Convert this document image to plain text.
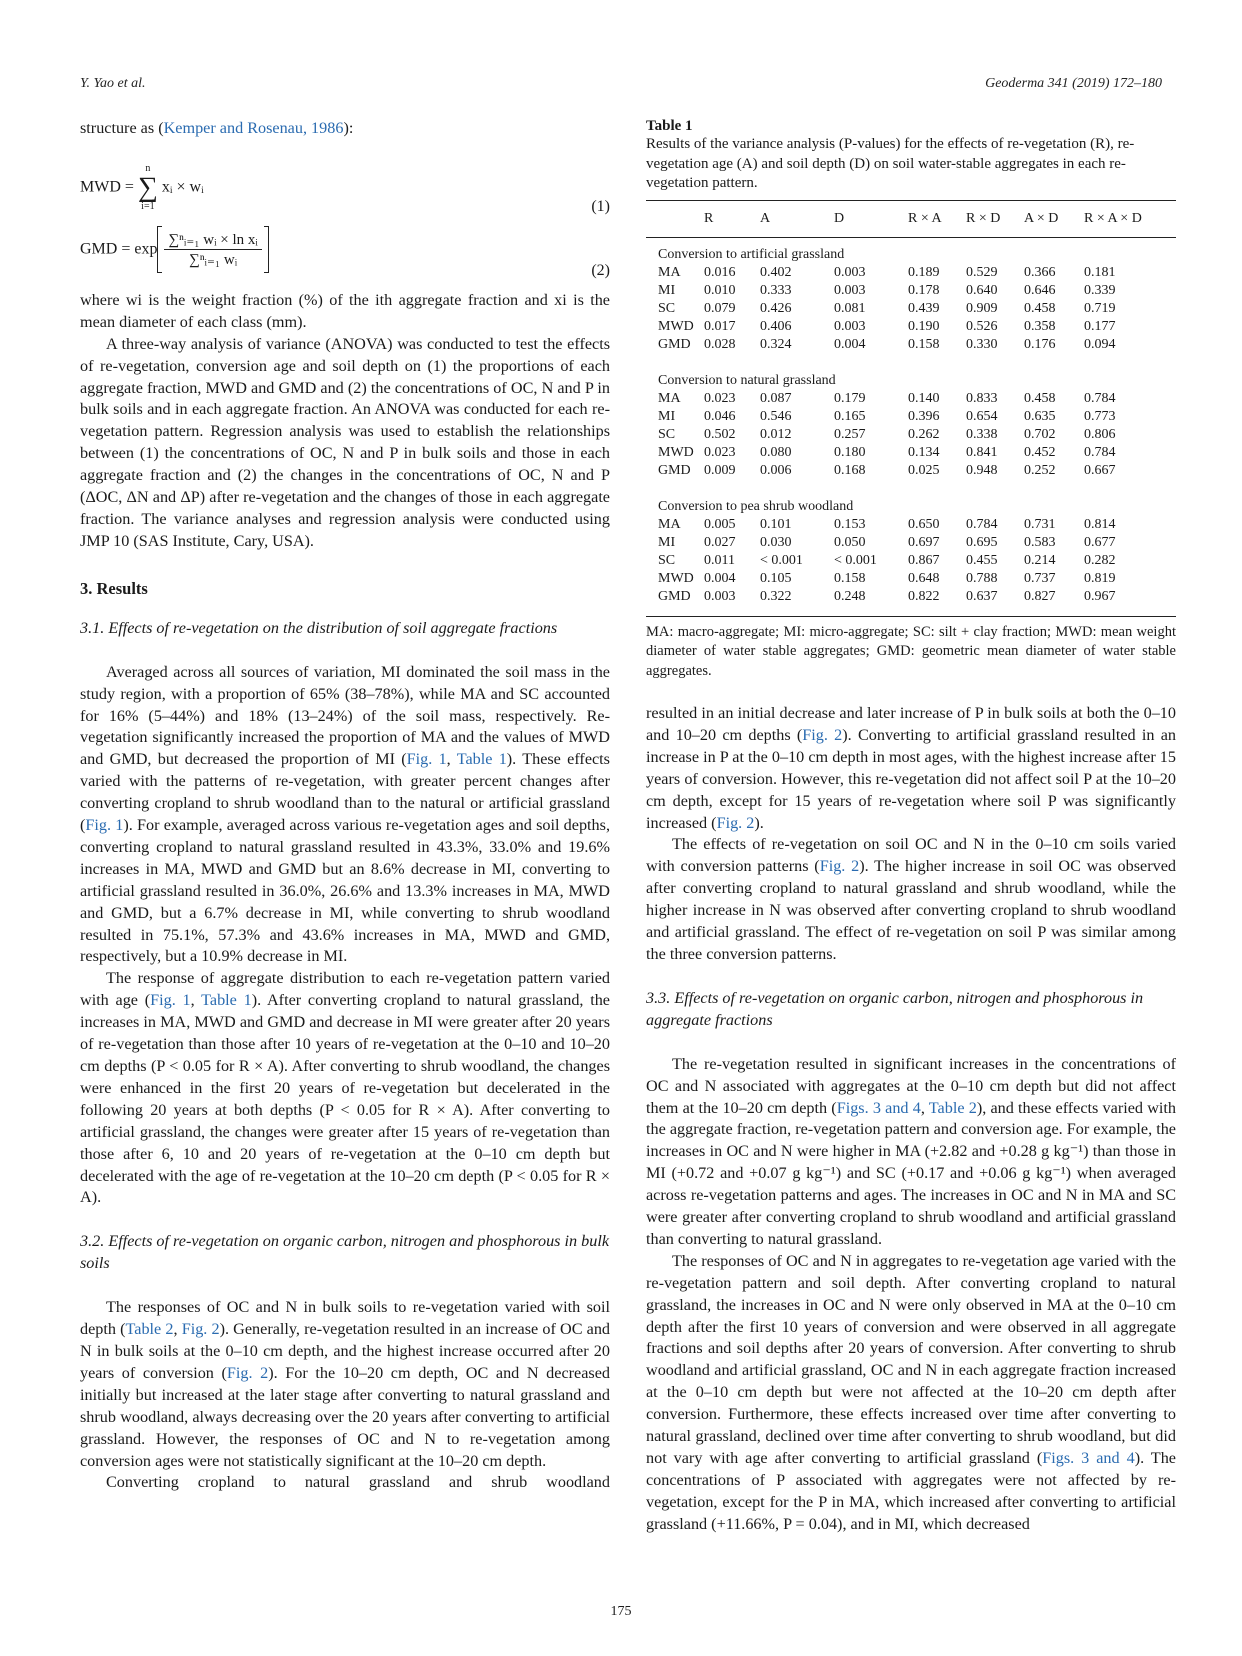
Y. Yao et al.	Geoderma 341 (2019) 172–180

structure as (Kemper and Rosenau, 1986):

MWD =
n
∑
i=1
xᵢ × wᵢ
(1)
GMD = $\exp \frac{\text{∑ⁿᵢ₌₁ wᵢ × ln xᵢ}}{\text{∑ⁿᵢ₌₁ wᵢ}}$
(2)

where wi is the weight fraction (%) of the ith aggregate fraction and xi is the mean diameter of each class (mm).

A three-way analysis of variance (ANOVA) was conducted to test the effects of re-vegetation, conversion age and soil depth on (1) the proportions of each aggregate fraction, MWD and GMD and (2) the concentrations of OC, N and P in bulk soils and in each aggregate fraction. An ANOVA was conducted for each re-vegetation pattern. Regression analysis was used to establish the relationships between (1) the concentrations of OC, N and P in bulk soils and those in each aggregate fraction and (2) the changes in the concentrations of OC, N and P (ΔOC, ΔN and ΔP) after re-vegetation and the changes of those in each aggregate fraction. The variance analyses and regression analysis were conducted using JMP 10 (SAS Institute, Cary, USA).

3. Results
3.1. Effects of re-vegetation on the distribution of soil aggregate fractions

Averaged across all sources of variation, MI dominated the soil mass in the study region, with a proportion of 65% (38–78%), while MA and SC accounted for 16% (5–44%) and 18% (13–24%) of the soil mass, respectively. Re-vegetation significantly increased the proportion of MA and the values of MWD and GMD, but decreased the proportion of MI (Fig. 1, Table 1). These effects varied with the patterns of re-vegetation, with greater percent changes after converting cropland to shrub woodland than to the natural or artificial grassland (Fig. 1). For example, averaged across various re-vegetation ages and soil depths, converting cropland to natural grassland resulted in 43.3%, 33.0% and 19.6% increases in MA, MWD and GMD but an 8.6% decrease in MI, converting to artificial grassland resulted in 36.0%, 26.6% and 13.3% increases in MA, MWD and GMD, but a 6.7% decrease in MI, while converting to shrub woodland resulted in 75.1%, 57.3% and 43.6% increases in MA, MWD and GMD, respectively, but a 10.9% decrease in MI.

The response of aggregate distribution to each re-vegetation pattern varied with age (Fig. 1, Table 1). After converting cropland to natural grassland, the increases in MA, MWD and GMD and decrease in MI were greater after 20 years of re-vegetation than those after 10 years of re-vegetation at the 0–10 and 10–20 cm depths (P < 0.05 for R × A). After converting to shrub woodland, the changes were enhanced in the first 20 years of re-vegetation but decelerated in the following 20 years at both depths (P < 0.05 for R × A). After converting to artificial grassland, the changes were greater after 15 years of re-vegetation than those after 6, 10 and 20 years of re-vegetation at the 0–10 cm depth but decelerated with the age of re-vegetation at the 10–20 cm depth (P < 0.05 for R × A).

3.2. Effects of re-vegetation on organic carbon, nitrogen and phosphorous in bulk soils

The responses of OC and N in bulk soils to re-vegetation varied with soil depth (Table 2, Fig. 2). Generally, re-vegetation resulted in an increase of OC and N in bulk soils at the 0–10 cm depth, and the highest increase occurred after 20 years of conversion (Fig. 2). For the 10–20 cm depth, OC and N decreased initially but increased at the later stage after converting to natural grassland and shrub woodland, always decreasing over the 20 years after converting to artificial grassland. However, the responses of OC and N to re-vegetation among conversion ages were not statistically significant at the 10–20 cm depth.

Converting cropland to natural grassland and shrub woodland

Table 1
Results of the variance analysis (P-values) for the effects of re-vegetation (R), re-vegetation age (A) and soil depth (D) on soil water-stable aggregates in each re-vegetation pattern.
	R	A	D	R × A	R × D	A × D	R × A × D
Conversion to artificial grassland							
MA	0.016	0.402	0.003	0.189	0.529	0.366	0.181
MI	0.010	0.333	0.003	0.178	0.640	0.646	0.339
SC	0.079	0.426	0.081	0.439	0.909	0.458	0.719
MWD	0.017	0.406	0.003	0.190	0.526	0.358	0.177
GMD	0.028	0.324	0.004	0.158	0.330	0.176	0.094
Conversion to natural grassland							
MA	0.023	0.087	0.179	0.140	0.833	0.458	0.784
MI	0.046	0.546	0.165	0.396	0.654	0.635	0.773
SC	0.502	0.012	0.257	0.262	0.338	0.702	0.806
MWD	0.023	0.080	0.180	0.134	0.841	0.452	0.784
GMD	0.009	0.006	0.168	0.025	0.948	0.252	0.667
Conversion to pea shrub woodland							
MA	0.005	0.101	0.153	0.650	0.784	0.731	0.814
MI	0.027	0.030	0.050	0.697	0.695	0.583	0.677
SC	0.011	< 0.001	< 0.001	0.867	0.455	0.214	0.282
MWD	0.004	0.105	0.158	0.648	0.788	0.737	0.819
GMD	0.003	0.322	0.248	0.822	0.637	0.827	0.967
MA: macro-aggregate; MI: micro-aggregate; SC: silt + clay fraction; MWD: mean weight diameter of water stable aggregates; GMD: geometric mean diameter of water stable aggregates.

resulted in an initial decrease and later increase of P in bulk soils at both the 0–10 and 10–20 cm depths (Fig. 2). Converting to artificial grassland resulted in an increase in P at the 0–10 cm depth in most ages, with the highest increase after 15 years of conversion. However, this re-vegetation did not affect soil P at the 10–20 cm depth, except for 15 years of re-vegetation where soil P was significantly increased (Fig. 2).

The effects of re-vegetation on soil OC and N in the 0–10 cm soils varied with conversion patterns (Fig. 2). The higher increase in soil OC was observed after converting cropland to natural grassland and shrub woodland, while the higher increase in N was observed after converting cropland to shrub woodland and artificial grassland. The effect of re-vegetation on soil P was similar among the three conversion patterns.

3.3. Effects of re-vegetation on organic carbon, nitrogen and phosphorous in aggregate fractions

The re-vegetation resulted in significant increases in the concentrations of OC and N associated with aggregates at the 0–10 cm depth but did not affect them at the 10–20 cm depth (Figs. 3 and 4, Table 2), and these effects varied with the aggregate fraction, re-vegetation pattern and conversion age. For example, the increases in OC and N were higher in MA (+2.82 and +0.28 g kg⁻¹) than those in MI (+0.72 and +0.07 g kg⁻¹) and SC (+0.17 and +0.06 g kg⁻¹) when averaged across re-vegetation patterns and ages. The increases in OC and N in MA and SC were greater after converting cropland to shrub woodland and artificial grassland than converting to natural grassland.

The responses of OC and N in aggregates to re-vegetation age varied with the re-vegetation pattern and soil depth. After converting cropland to natural grassland, the increases in OC and N were only observed in MA at the 0–10 cm depth after the first 10 years of conversion and were observed in all aggregate fractions and soil depths after 20 years of conversion. After converting to shrub woodland and artificial grassland, OC and N in each aggregate fraction increased at the 0–10 cm depth but were not affected at the 10–20 cm depth after conversion. Furthermore, these effects increased over time after converting to natural grassland, declined over time after converting to shrub woodland, but did not vary with age after converting to artificial grassland (Figs. 3 and 4). The concentrations of P associated with aggregates were not affected by re-vegetation, except for the P in MA, which increased after converting to artificial grassland (+11.66%, P = 0.04), and in MI, which decreased

175
